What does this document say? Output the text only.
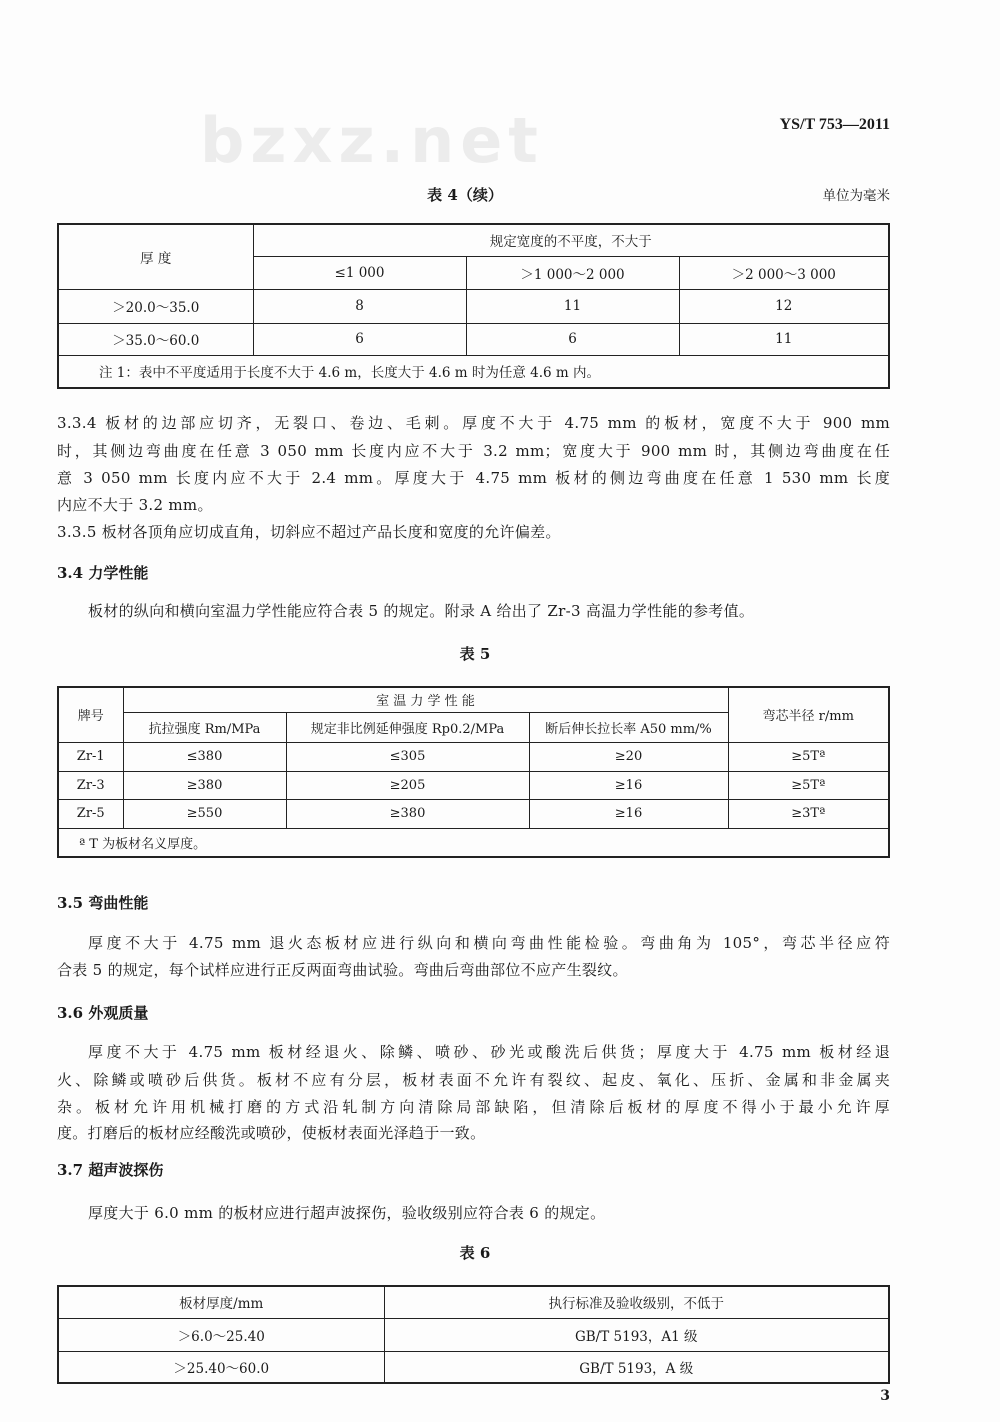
bzxz.net	YS/T 753—2011
表 4（续）	单位为毫米
厚 度	规定宽度的不平度，不大于		
	≤1 000	＞1 000～2 000	＞2 000～3 000
＞20.0～35.0	8	11	12
＞35.0～60.0	6	6	11
注 1：表中不平度适用于长度不大于 4.6 m，长度大于 4.6 m 时为任意 4.6 m 内。			
3.3.4 板材的边部应切齐，无裂口、卷边、毛刺。厚度不大于 4.75 mm 的板材，宽度不大于 900 mm
时，其侧边弯曲度在任意 3 050 mm 长度内应不大于 3.2 mm；宽度大于 900 mm 时，其侧边弯曲度在任
意 3 050 mm 长度内应不大于 2.4 mm。厚度大于 4.75 mm 板材的侧边弯曲度在任意 1 530 mm 长度
内应不大于 3.2 mm。
3.3.5 板材各顶角应切成直角，切斜应不超过产品长度和宽度的允许偏差。
3.4 力学性能
板材的纵向和横向室温力学性能应符合表 5 的规定。附录 A 给出了 Zr-3 高温力学性能的参考值。
表 5
牌号	室 温 力 学 性 能			弯芯半径 r/mm
	抗拉强度 Rm/MPa	规定非比例延伸强度 Rp0.2/MPa	断后伸长拉长率 A50 mm/%	
Zr-1	≤380	≤305	≥20	≥5Tª
Zr-3	≥380	≥205	≥16	≥5Tª
Zr-5	≥550	≥380	≥16	≥3Tª
ª T 为板材名义厚度。				
3.5 弯曲性能
厚度不大于 4.75 mm 退火态板材应进行纵向和横向弯曲性能检验。弯曲角为 105°，弯芯半径应符
合表 5 的规定，每个试样应进行正反两面弯曲试验。弯曲后弯曲部位不应产生裂纹。
3.6 外观质量
厚度不大于 4.75 mm 板材经退火、除鳞、喷砂、砂光或酸洗后供货；厚度大于 4.75 mm 板材经退
火、除鳞或喷砂后供货。板材不应有分层，板材表面不允许有裂纹、起皮、氧化、压折、金属和非金属夹
杂。板材允许用机械打磨的方式沿轧制方向清除局部缺陷，但清除后板材的厚度不得小于最小允许厚
度。打磨后的板材应经酸洗或喷砂，使板材表面光泽趋于一致。
3.7 超声波探伤
厚度大于 6.0 mm 的板材应进行超声波探伤，验收级别应符合表 6 的规定。
表 6
板材厚度/mm	执行标准及验收级别，不低于
＞6.0～25.40	GB/T 5193，A1 级
＞25.40～60.0	GB/T 5193，A 级
3
